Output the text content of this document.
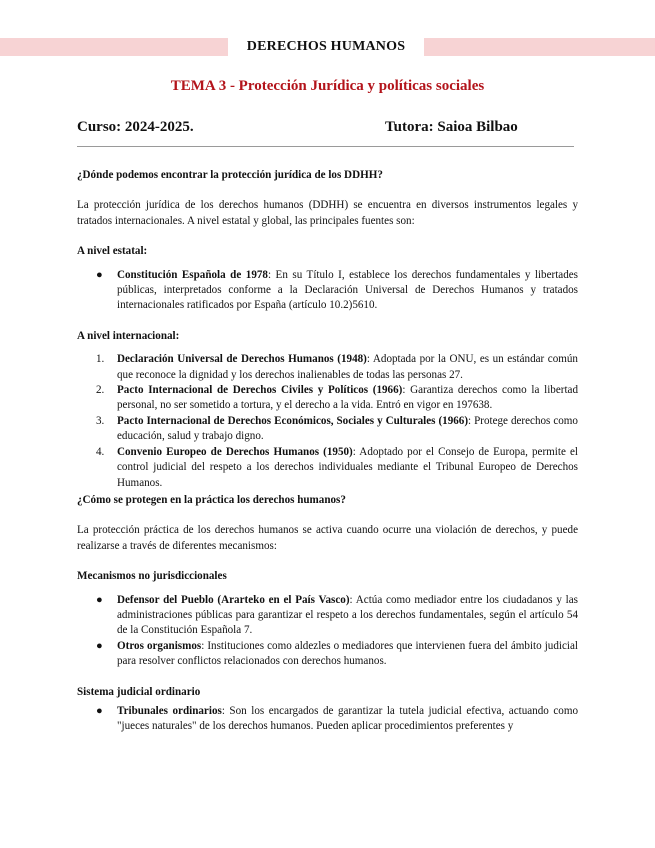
DERECHOS HUMANOS
TEMA 3 - Protección Jurídica y políticas sociales
Curso: 2024-2025.	Tutora: Saioa Bilbao

¿Dónde podemos encontrar la protección jurídica de los DDHH?

La protección jurídica de los derechos humanos (DDHH) se encuentra en diversos instrumentos legales y tratados internacionales. A nivel estatal y global, las principales fuentes son:

A nivel estatal:

● Constitución Española de 1978: En su Título I, establece los derechos fundamentales y libertades públicas, interpretados conforme a la Declaración Universal de Derechos Humanos y tratados internacionales ratificados por España (artículo 10.2)5610.

A nivel internacional:

1. Declaración Universal de Derechos Humanos (1948): Adoptada por la ONU, es un estándar común que reconoce la dignidad y los derechos inalienables de todas las personas 27.
2. Pacto Internacional de Derechos Civiles y Políticos (1966): Garantiza derechos como la libertad personal, no ser sometido a tortura, y el derecho a la vida. Entró en vigor en 197638.
3. Pacto Internacional de Derechos Económicos, Sociales y Culturales (1966): Protege derechos como educación, salud y trabajo digno.
4. Convenio Europeo de Derechos Humanos (1950): Adoptado por el Consejo de Europa, permite el control judicial del respeto a los derechos individuales mediante el Tribunal Europeo de Derechos Humanos.

¿Cómo se protegen en la práctica los derechos humanos?

La protección práctica de los derechos humanos se activa cuando ocurre una violación de derechos, y puede realizarse a través de diferentes mecanismos:

Mecanismos no jurisdiccionales

● Defensor del Pueblo (Ararteko en el País Vasco): Actúa como mediador entre los ciudadanos y las administraciones públicas para garantizar el respeto a los derechos fundamentales, según el artículo 54 de la Constitución Española 7.
● Otros organismos: Instituciones como aldezles o mediadores que intervienen fuera del ámbito judicial para resolver conflictos relacionados con derechos humanos.

Sistema judicial ordinario

● Tribunales ordinarios: Son los encargados de garantizar la tutela judicial efectiva, actuando como "jueces naturales" de los derechos humanos. Pueden aplicar procedimientos preferentes y
